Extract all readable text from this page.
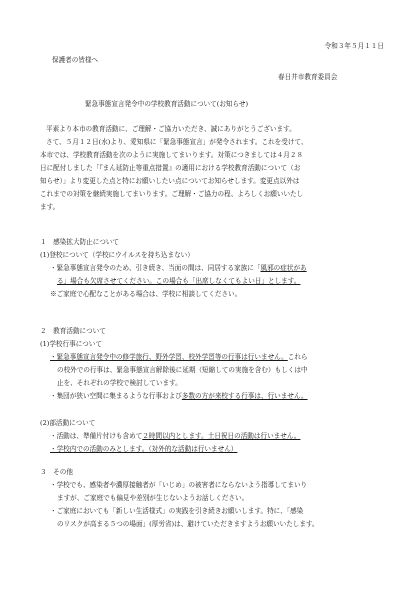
令和３年５月１１日
保護者の皆様へ
春日井市教育委員会
緊急事態宣言発令中の学校教育活動について(お知らせ)
平素より本市の教育活動に、ご理解・ご協力いただき、誠にありがとうございます。
さて、５月１２日(水)より、愛知県に「緊急事態宣言」が発令されます。これを受けて、
本市では、学校教育活動を次のように実施してまいります。対策につきましては４月２８
日に配付しました「『まん延防止等重点措置』の適用における学校教育活動について（お
知らせ）」より変更した点と特にお願いしたい点についてお知らせします。変更点以外は
これまでの対策を継続実施してまいります。ご理解・ご協力の程、よろしくお願いいたし
ます。
１　感染拡大防止について
(1)登校について（学校にウイルスを持ち込まない）
・緊急事態宣言発令のため、引き続き、当面の間は、同居する家族に「風邪の症状があ
る」場合も欠席させてください。この場合も「出席しなくてもよい日」とします。
※ご家庭で心配なことがある場合は、学校に相談してください。
２　教育活動について
(1)学校行事について
・緊急事態宣言発令中の修学旅行、野外学習、校外学習等の行事は行いません。これら
の校外での行事は、緊急事態宣言解除後に延期（短縮しての実施を含む）もしくは中
止を、それぞれの学校で検討しています。
・集団が狭い空間に集まるような行事および多数の方が来校する行事は、行いません。
(2)部活動について
・活動は、準備片付けも含めて２時間以内とします。土日祝日の活動は行いません。
・学校内での活動のみとします。（対外的な活動は行いません）
３　その他
・学校でも、感染者や濃厚接触者が「いじめ」の被害者にならないよう指導してまいり
ますが、ご家庭でも偏見や差別が生じないようお話しください。
・ご家庭においても「新しい生活様式」の実践を引き続きお願いします。特に、「感染
のリスクが高まる５つの場面」(厚労省)は、避けていただきますようお願いいたします。
